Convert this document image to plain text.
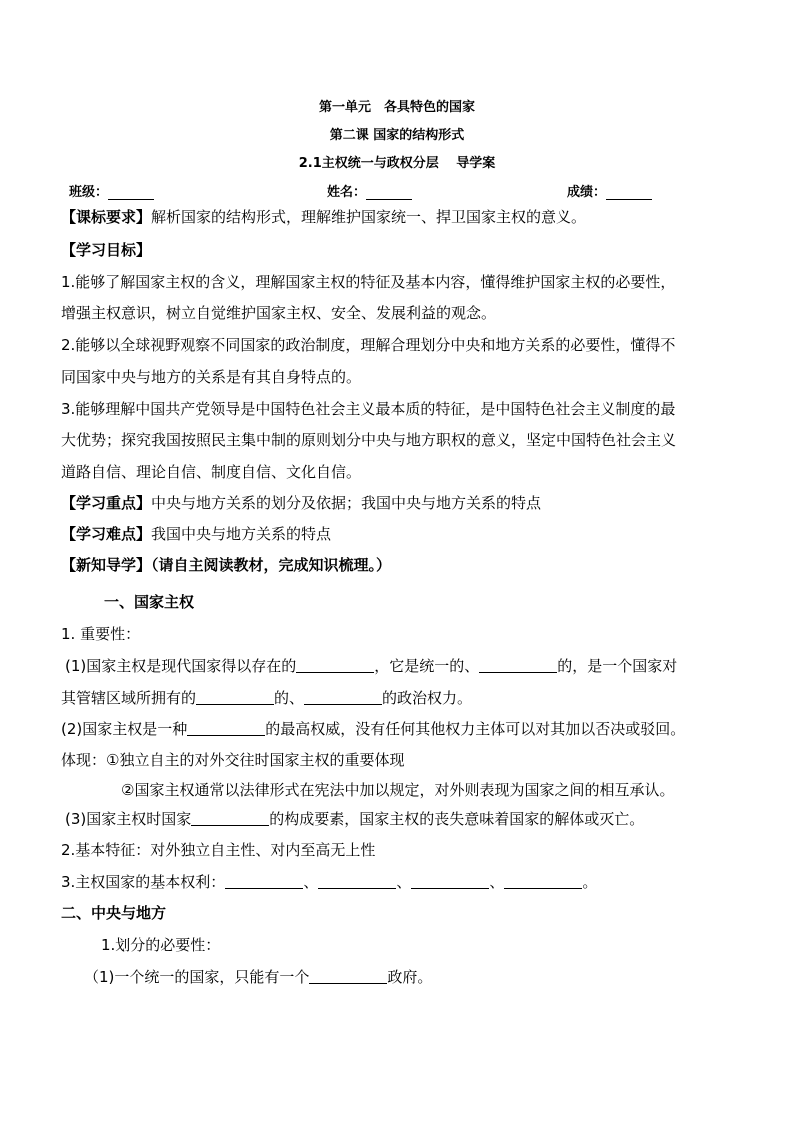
第一单元　各具特色的国家
第二课 国家的结构形式
2.1主权统一与政权分层　 导学案
班级：	姓名：	成绩：
【课标要求】解析国家的结构形式，理解维护国家统一、捍卫国家主权的意义。
【学习目标】
1.能够了解国家主权的含义，理解国家主权的特征及基本内容，懂得维护国家主权的必要性，
增强主权意识，树立自觉维护国家主权、安全、发展利益的观念。
2.能够以全球视野观察不同国家的政治制度，理解合理划分中央和地方关系的必要性，懂得不
同国家中央与地方的关系是有其自身特点的。
3.能够理解中国共产党领导是中国特色社会主义最本质的特征，是中国特色社会主义制度的最
大优势；探究我国按照民主集中制的原则划分中央与地方职权的意义，坚定中国特色社会主义
道路自信、理论自信、制度自信、文化自信。
【学习重点】中央与地方关系的划分及依据；我国中央与地方关系的特点
【学习难点】我国中央与地方关系的特点
【新知导学】（请自主阅读教材，完成知识梳理。）
一、国家主权
1. 重要性：
(1)国家主权是现代国家得以存在的	，它是统一的、	的，是一个国家对
其管辖区域所拥有的	的、	的政治权力。
(2)国家主权是一种	的最高权威，没有任何其他权力主体可以对其加以否决或驳回。
体现：①独立自主的对外交往时国家主权的重要体现
②国家主权通常以法律形式在宪法中加以规定，对外则表现为国家之间的相互承认。
(3)国家主权时国家	的构成要素，国家主权的丧失意味着国家的解体或灭亡。
2.基本特征：对外独立自主性、对内至高无上性
3.主权国家的基本权利：	、	、	、	。
二、中央与地方
1.划分的必要性：
（1)一个统一的国家，只能有一个	政府。
